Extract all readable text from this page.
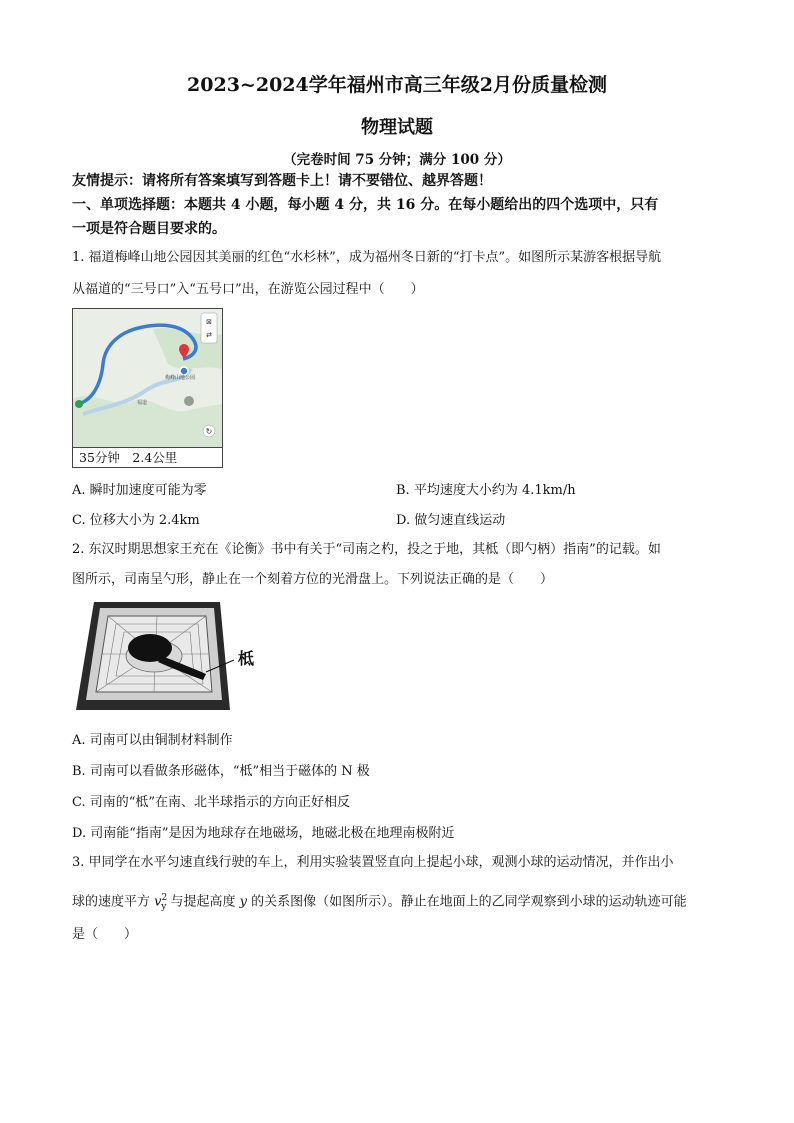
2023~2024学年福州市高三年级2月份质量检测
物理试题
（完卷时间 75 分钟；满分 100 分）
友情提示：请将所有答案填写到答题卡上！请不要错位、越界答题！
一、单项选择题：本题共 4 小题，每小题 4 分，共 16 分。在每小题给出的四个选项中，只有
一项是符合题目要求的。
1. 福道梅峰山地公园因其美丽的红色“水杉林”，成为福州冬日新的“打卡点”。如图所示某游客根据导航
从福道的“三号口”入“五号口”出，在游览公园过程中（　　）
⊠
⇄
↻
梅峰山地公园
福道
35分钟　2.4公里
A. 瞬时加速度可能为零	B. 平均速度大小约为 4.1km/h
C. 位移大小为 2.4km	D. 做匀速直线运动
2. 东汉时期思想家王充在《论衡》书中有关于“司南之杓，投之于地，其柢（即勺柄）指南”的记载。如
图所示，司南呈勺形，静止在一个刻着方位的光滑盘上。下列说法正确的是（　　）
柢
A. 司南可以由铜制材料制作
B. 司南可以看做条形磁体，“柢”相当于磁体的 N 极
C. 司南的“柢”在南、北半球指示的方向正好相反
D. 司南能“指南”是因为地球存在地磁场，地磁北极在地理南极附近
3. 甲同学在水平匀速直线行驶的车上，利用实验装置竖直向上提起小球，观测小球的运动情况，并作出小
球的速度平方 $v^2_y$ 与提起高度 y 的关系图像（如图所示）。静止在地面上的乙同学观察到小球的运动轨迹可能
是（　　）
